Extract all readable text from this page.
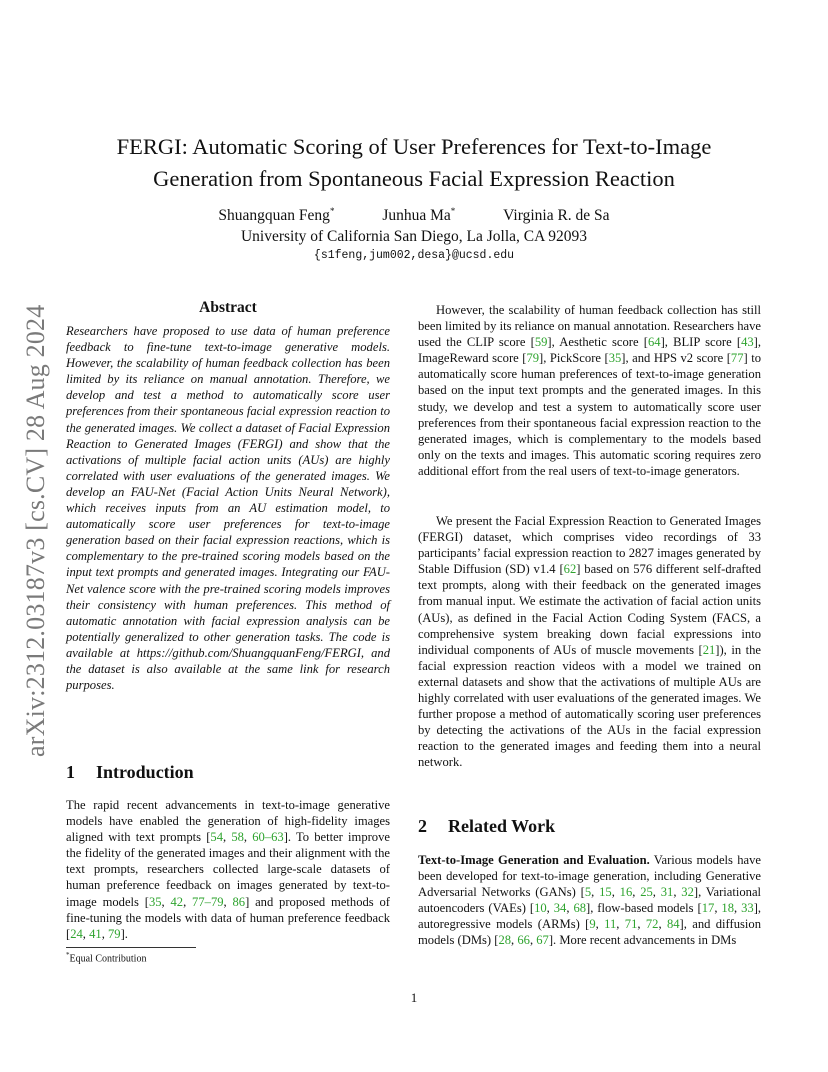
arXiv:2312.03187v3 [cs.CV] 28 Aug 2024
FERGI: Automatic Scoring of User Preferences for Text-to-Image
Generation from Spontaneous Facial Expression Reaction
Shuangquan Feng*	Junhua Ma*	Virginia R. de Sa
University of California San Diego, La Jolla, CA 92093
{s1feng,jum002,desa}@ucsd.edu
Abstract
Researchers have proposed to use data of human preference feedback to fine-tune text-to-image generative models. However, the scalability of human feedback collection has been limited by its reliance on manual annotation. Therefore, we develop and test a method to automatically score user preferences from their spontaneous facial expression reaction to the generated images. We collect a dataset of Facial Expression Reaction to Generated Images (FERGI) and show that the activations of multiple facial action units (AUs) are highly correlated with user evaluations of the generated images. We develop an FAU-Net (Facial Action Units Neural Network), which receives inputs from an AU estimation model, to automatically score user preferences for text-to-image generation based on their facial expression reactions, which is complementary to the pre-trained scoring models based on the input text prompts and generated images. Integrating our FAU-Net valence score with the pre-trained scoring models improves their consistency with human preferences. This method of automatic annotation with facial expression analysis can be potentially generalized to other generation tasks. The code is available at https://github.com/ShuangquanFeng/FERGI, and the dataset is also available at the same link for research purposes.
1 Introduction

The rapid recent advancements in text-to-image generative models have enabled the generation of high-fidelity images aligned with text prompts [54, 58, 60–63]. To better improve the fidelity of the generated images and their alignment with the text prompts, researchers collected large-scale datasets of human preference feedback on images generated by text-to-image models [35, 42, 77–79, 86] and proposed methods of fine-tuning the models with data of human preference feedback [24, 41, 79].

*Equal Contribution

However, the scalability of human feedback collection has still been limited by its reliance on manual annotation. Researchers have used the CLIP score [59], Aesthetic score [64], BLIP score [43], ImageReward score [79], PickScore [35], and HPS v2 score [77] to automatically score human preferences of text-to-image generation based on the input text prompts and the generated images. In this study, we develop and test a system to automatically score user preferences from their spontaneous facial expression reaction to the generated images, which is complementary to the models based only on the texts and images. This automatic scoring requires zero additional effort from the real users of text-to-image generators.

We present the Facial Expression Reaction to Generated Images (FERGI) dataset, which comprises video recordings of 33 participants’ facial expression reaction to 2827 images generated by Stable Diffusion (SD) v1.4 [62] based on 576 different self-drafted text prompts, along with their feedback on the generated images from manual input. We estimate the activation of facial action units (AUs), as defined in the Facial Action Coding System (FACS, a comprehensive system breaking down facial expressions into individual components of AUs of muscle movements [21]), in the facial expression reaction videos with a model we trained on external datasets and show that the activations of multiple AUs are highly correlated with user evaluations of the generated images. We further propose a method of automatically scoring user preferences by detecting the activations of the AUs in the facial expression reaction to the generated images and feeding them into a neural network.

2 Related Work

Text-to-Image Generation and Evaluation. Various models have been developed for text-to-image generation, including Generative Adversarial Networks (GANs) [5, 15, 16, 25, 31, 32], Variational autoencoders (VAEs) [10, 34, 68], flow-based models [17, 18, 33], autoregressive models (ARMs) [9, 11, 71, 72, 84], and diffusion models (DMs) [28, 66, 67]. More recent advancements in DMs

1
